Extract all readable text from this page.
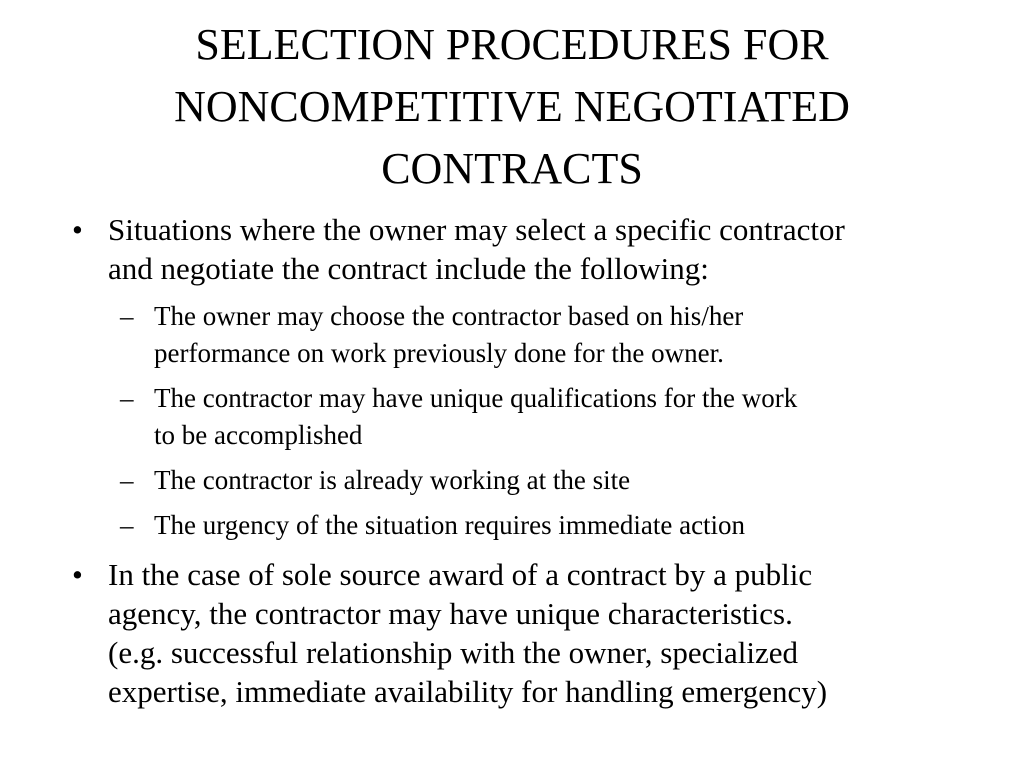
SELECTION PROCEDURES FOR
NONCOMPETITIVE NEGOTIATED
CONTRACTS
• Situations where the owner may select a specific contractor
and negotiate the contract include the following:
– The owner may choose the contractor based on his/her
performance on work previously done for the owner.
– The contractor may have unique qualifications for the work
to be accomplished
– The contractor is already working at the site
– The urgency of the situation requires immediate action
• In the case of sole source award of a contract by a public
agency, the contractor may have unique characteristics.
(e.g. successful relationship with the owner, specialized
expertise, immediate availability for handling emergency)
